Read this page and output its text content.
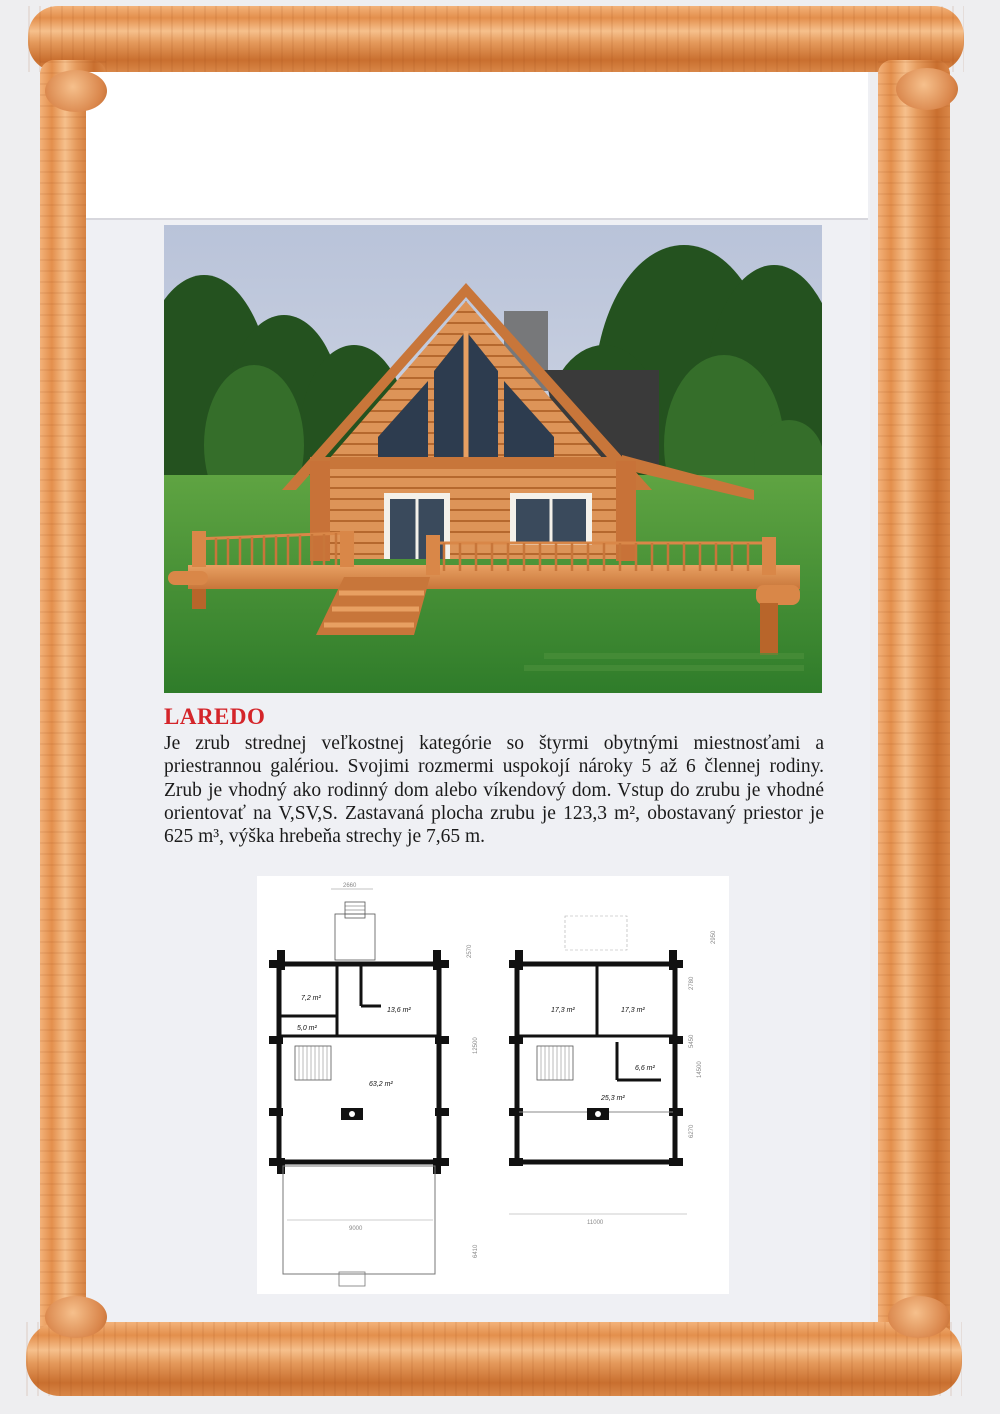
LAREDO

Je zrub strednej veľkostnej kategórie so štyrmi obytnými miestnosťami a priestrannou galériou. Svojimi rozmermi uspokojí nároky 5 až 6 člennej rodiny. Zrub je vhodný ako rodinný dom alebo víkendový dom. Vstup do zrubu je vhodné orientovať na V,SV,S. Zastavaná plocha zrubu je 123,3 m², obostavaný priestor je 625 m³, výška hrebeňa strechy je 7,65 m.

2660
12500
6410
2570
9000
7,2 m²
13,6 m²
5,0 m²
63,2 m²
11000
14500
2780
5450
6270
2950
17,3 m²	17,3 m²
6,6 m²
25,3 m²
